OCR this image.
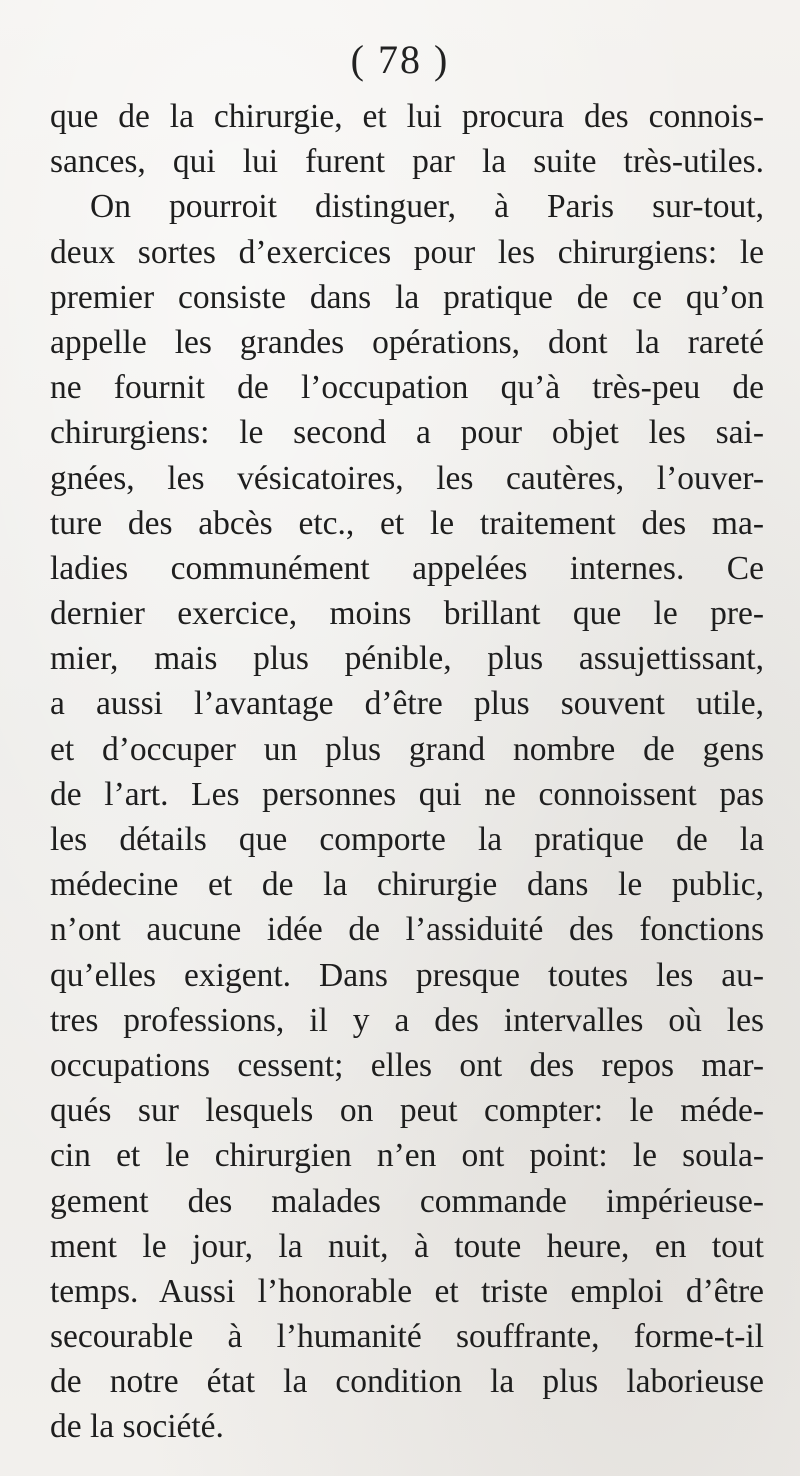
( 78 )
que de la chirurgie, et lui procura des connois-
sances, qui lui furent par la suite très-utiles.
On pourroit distinguer, à Paris sur-tout,
deux sortes d’exercices pour les chirurgiens: le
premier consiste dans la pratique de ce qu’on
appelle les grandes opérations, dont la rareté
ne fournit de l’occupation qu’à très-peu de
chirurgiens: le second a pour objet les sai-
gnées, les vésicatoires, les cautères, l’ouver-
ture des abcès etc., et le traitement des ma-
ladies communément appelées internes. Ce
dernier exercice, moins brillant que le pre-
mier, mais plus pénible, plus assujettissant,
a aussi l’avantage d’être plus souvent utile,
et d’occuper un plus grand nombre de gens
de l’art. Les personnes qui ne connoissent pas
les détails que comporte la pratique de la
médecine et de la chirurgie dans le public,
n’ont aucune idée de l’assiduité des fonctions
qu’elles exigent. Dans presque toutes les au-
tres professions, il y a des intervalles où les
occupations cessent; elles ont des repos mar-
qués sur lesquels on peut compter: le méde-
cin et le chirurgien n’en ont point: le soula-
gement des malades commande impérieuse-
ment le jour, la nuit, à toute heure, en tout
temps. Aussi l’honorable et triste emploi d’être
secourable à l’humanité souffrante, forme-t-il
de notre état la condition la plus laborieuse
de la société.
